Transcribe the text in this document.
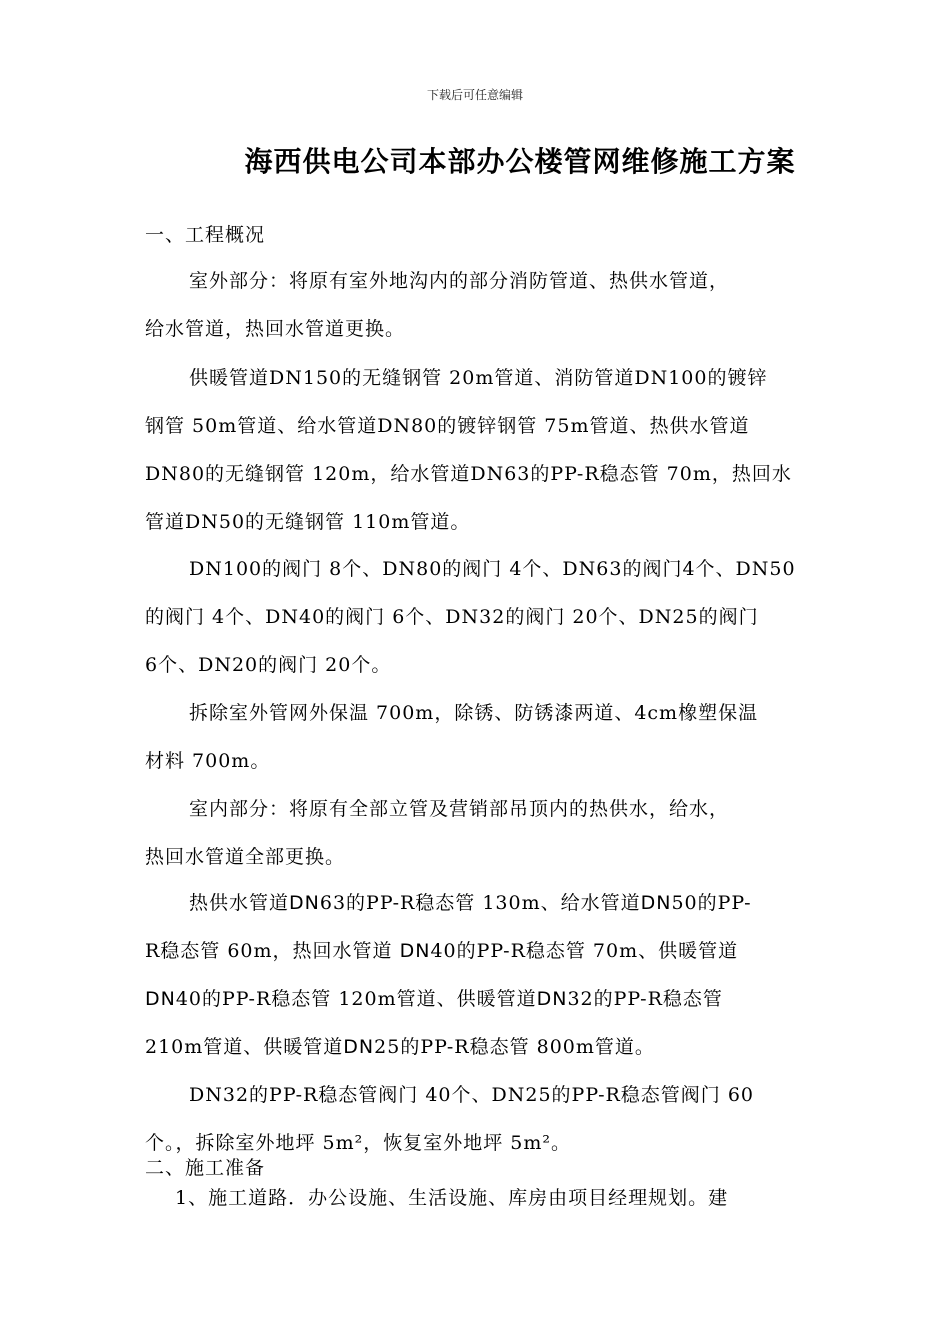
下载后可任意编辑
海西供电公司本部办公楼管网维修施工方案
一、工程概况
室外部分：将原有室外地沟内的部分消防管道、热供水管道，
给水管道，热回水管道更换。
供暖管道DN150的无缝钢管 20m管道、消防管道DN100的镀锌
钢管 50m管道、给水管道DN80的镀锌钢管 75m管道、热供水管道
DN80的无缝钢管 120m，给水管道DN63的PP-R稳态管 70m，热回水
管道DN50的无缝钢管 110m管道。
DN100的阀门 8个、DN80的阀门 4个、DN63的阀门4个、DN50
的阀门 4个、DN40的阀门 6个、DN32的阀门 20个、DN25的阀门
6个、DN20的阀门 20个。
拆除室外管网外保温 700m，除锈、防锈漆两道、4cm橡塑保温
材料 700m。
室内部分：将原有全部立管及营销部吊顶内的热供水，给水，
热回水管道全部更换。
热供水管道DN63的PP-R稳态管 130m、给水管道DN50的PP-
R稳态管 60m，热回水管道 DN40的PP-R稳态管 70m、供暖管道
DN40的PP-R稳态管 120m管道、供暖管道DN32的PP-R稳态管
210m管道、供暖管道DN25的PP-R稳态管 800m管道。
DN32的PP-R稳态管阀门 40个、DN25的PP-R稳态管阀门 60
个。，拆除室外地坪 5m²，恢复室外地坪 5m²。
二、施工准备
1、施工道路．办公设施、生活设施、库房由项目经理规划。建
